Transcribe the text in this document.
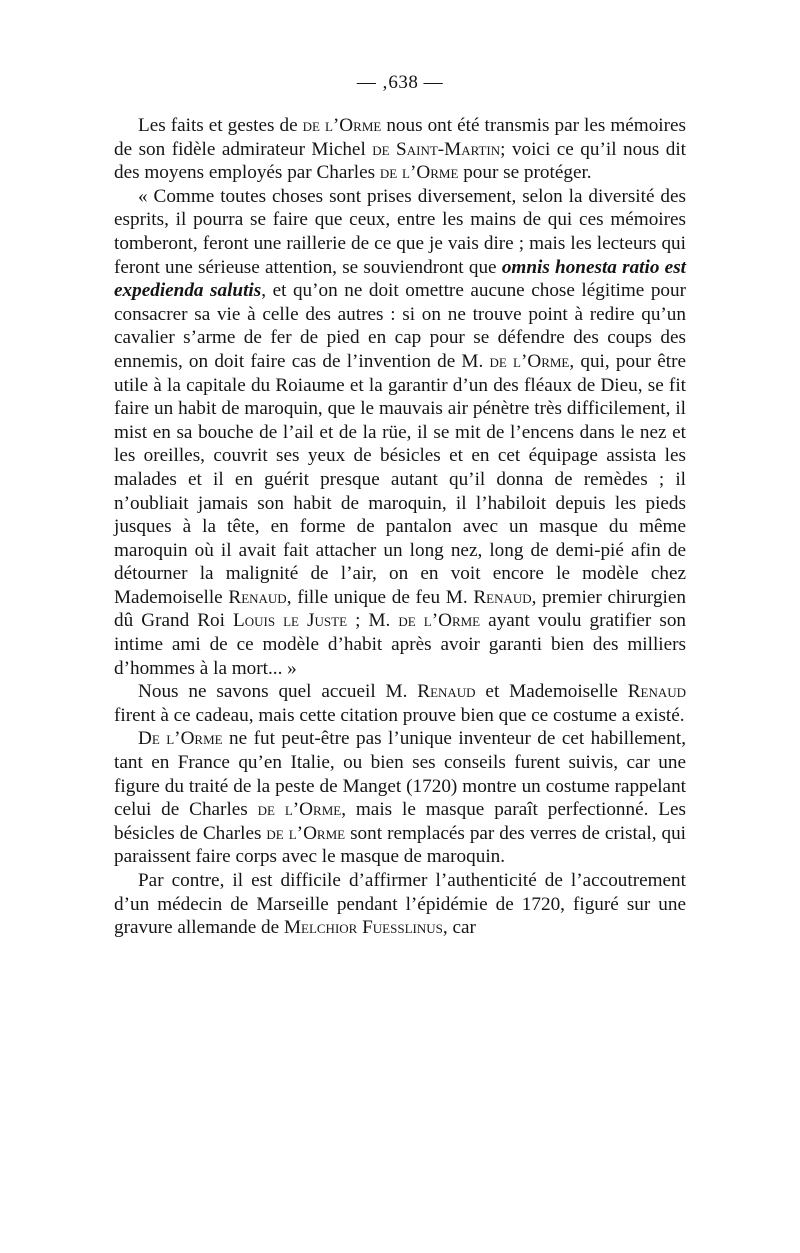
— ‚638 —

Les faits et gestes de de l’Orme nous ont été transmis par les mémoires de son fidèle admirateur Michel de Saint-Martin; voici ce qu’il nous dit des moyens employés par Charles de l’Orme pour se protéger.

« Comme toutes choses sont prises diversement, selon la diversité des esprits, il pourra se faire que ceux, entre les mains de qui ces mémoires tomberont, feront une raillerie de ce que je vais dire ; mais les lecteurs qui feront une sérieuse attention, se souviendront que omnis honesta ratio est expedienda salutis, et qu’on ne doit omettre aucune chose légitime pour consacrer sa vie à celle des autres : si on ne trouve point à redire qu’un cavalier s’arme de fer de pied en cap pour se défendre des coups des ennemis, on doit faire cas de l’invention de M. de l’Orme, qui, pour être utile à la capitale du Roiaume et la garantir d’un des fléaux de Dieu, se fit faire un habit de maroquin, que le mauvais air pénètre très difficilement, il mist en sa bouche de l’ail et de la rüe, il se mit de l’encens dans le nez et les oreilles, couvrit ses yeux de bésicles et en cet équipage assista les malades et il en guérit presque autant qu’il donna de remèdes ; il n’oubliait jamais son habit de maroquin, il l’habiloit depuis les pieds jusques à la tête, en forme de pantalon avec un masque du même maroquin où il avait fait attacher un long nez, long de demi-pié afin de détourner la malignité de l’air, on en voit encore le modèle chez Mademoiselle Renaud, fille unique de feu M. Renaud, premier chirurgien dû Grand Roi Louis le Juste ; M. de l’Orme ayant voulu gratifier son intime ami de ce modèle d’habit après avoir garanti bien des milliers d’hommes à la mort... »

Nous ne savons quel accueil M. Renaud et Mademoiselle Renaud firent à ce cadeau, mais cette citation prouve bien que ce costume a existé.

De l’Orme ne fut peut-être pas l’unique inventeur de cet habillement, tant en France qu’en Italie, ou bien ses conseils furent suivis, car une figure du traité de la peste de Manget (1720) montre un costume rappelant celui de Charles de l’Orme, mais le masque paraît perfectionné. Les bésicles de Charles de l’Orme sont remplacés par des verres de cristal, qui paraissent faire corps avec le masque de maroquin.

Par contre, il est difficile d’affirmer l’authenticité de l’accoutrement d’un médecin de Marseille pendant l’épidémie de 1720, figuré sur une gravure allemande de Melchior Fuesslinus, car
